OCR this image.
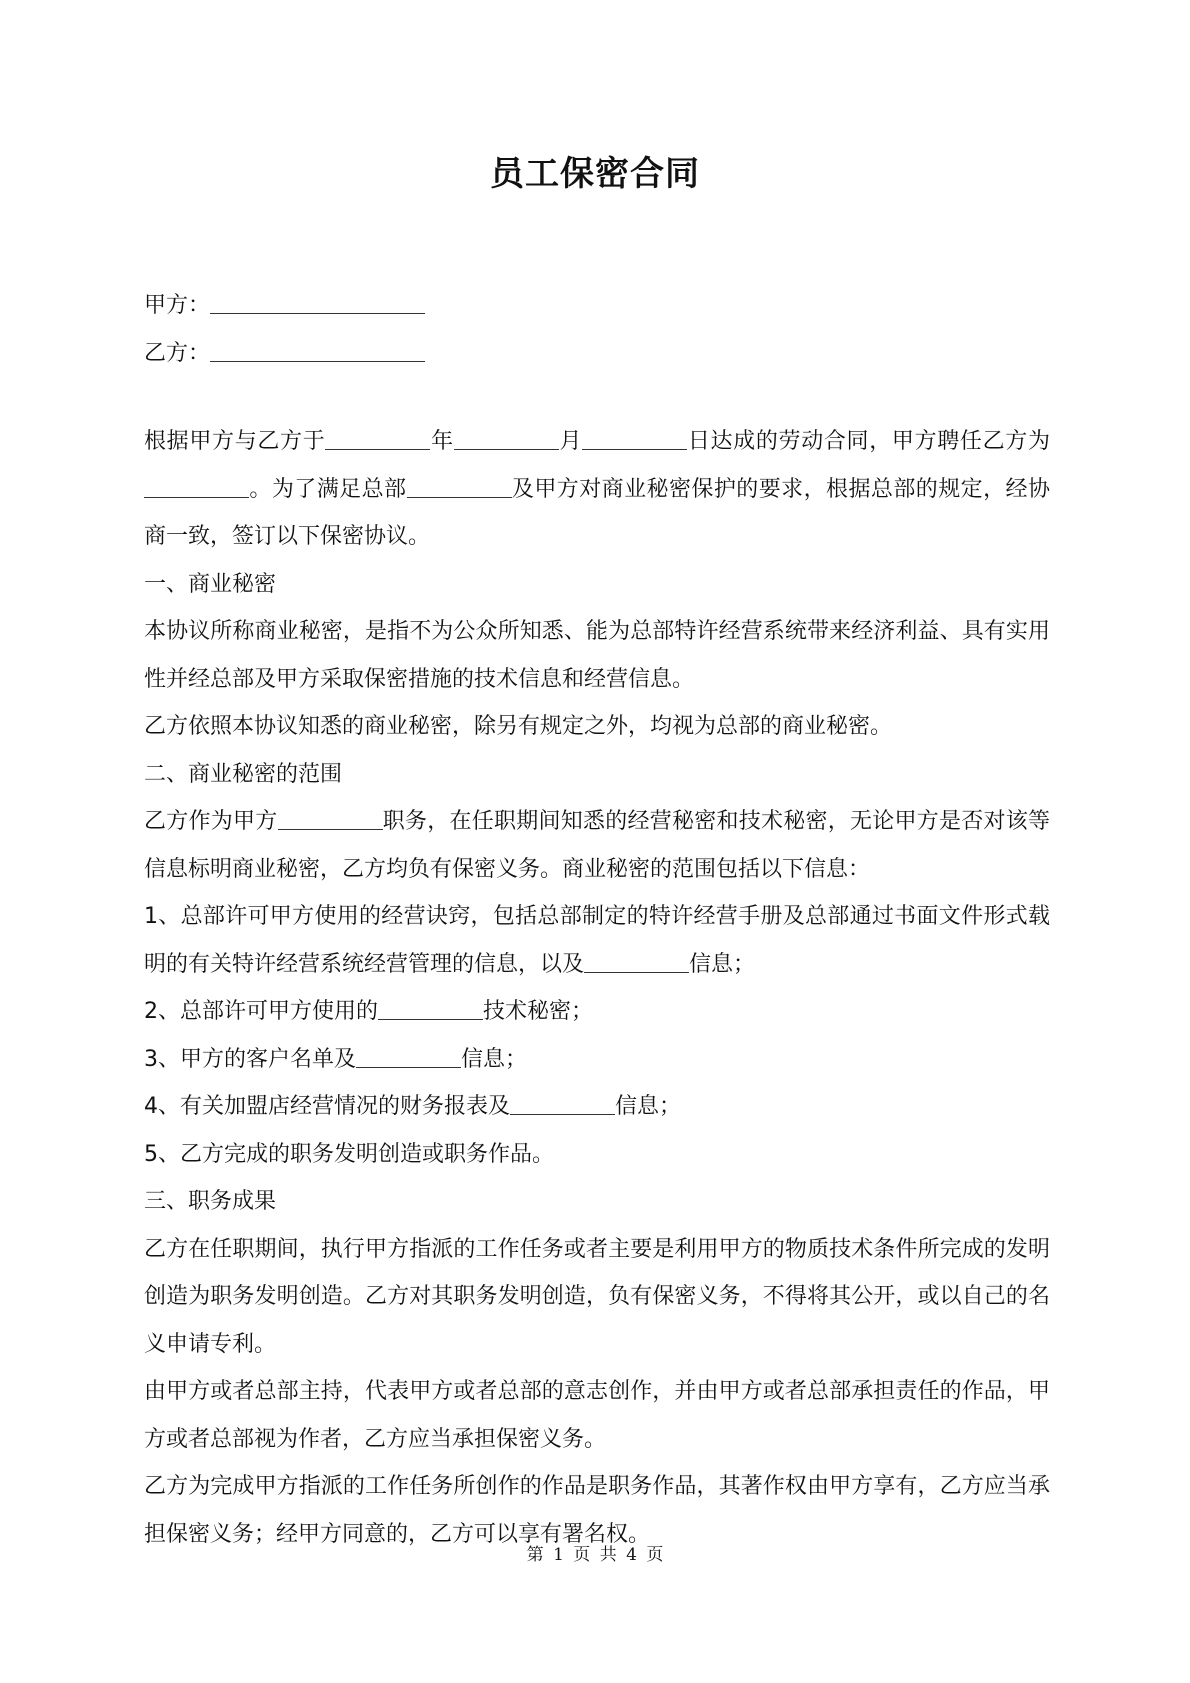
员工保密合同
甲方：
乙方：

根据甲方与乙方于	年	月	日达成的劳动合同，甲方聘任乙方为。为了满足总部	及甲方对商业秘密保护的要求，根据总部的规定，经协商一致，签订以下保密协议。

一、商业秘密

本协议所称商业秘密，是指不为公众所知悉、能为总部特许经营系统带来经济利益、具有实用性并经总部及甲方采取保密措施的技术信息和经营信息。

乙方依照本协议知悉的商业秘密，除另有规定之外，均视为总部的商业秘密。

二、商业秘密的范围

乙方作为甲方	职务，在任职期间知悉的经营秘密和技术秘密，无论甲方是否对该等信息标明商业秘密，乙方均负有保密义务。商业秘密的范围包括以下信息：

1、总部许可甲方使用的经营诀窍，包括总部制定的特许经营手册及总部通过书面文件形式载明的有关特许经营系统经营管理的信息，以及	信息；

2、总部许可甲方使用的	技术秘密；

3、甲方的客户名单及	信息；

4、有关加盟店经营情况的财务报表及	信息；

5、乙方完成的职务发明创造或职务作品。

三、职务成果

乙方在任职期间，执行甲方指派的工作任务或者主要是利用甲方的物质技术条件所完成的发明创造为职务发明创造。乙方对其职务发明创造，负有保密义务，不得将其公开，或以自己的名义申请专利。

由甲方或者总部主持，代表甲方或者总部的意志创作，并由甲方或者总部承担责任的作品，甲方或者总部视为作者，乙方应当承担保密义务。

乙方为完成甲方指派的工作任务所创作的作品是职务作品，其著作权由甲方享有，乙方应当承担保密义务；经甲方同意的，乙方可以享有署名权。

第 1 页 共 4 页
